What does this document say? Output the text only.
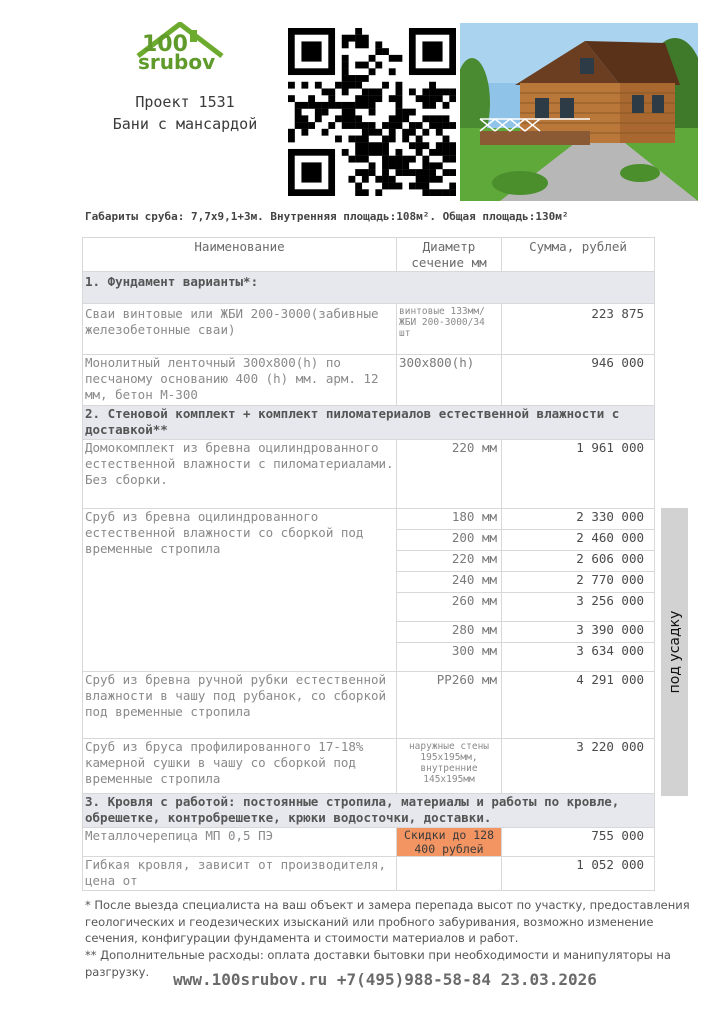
100
srubov
Проект 1531
Бани с мансардой
Габариты сруба: 7,7х9,1+3м. Внутренняя площадь:108м². Общая площадь:130м²
Наименование	Диаметр сечение мм	Сумма, рублей
1. Фундамент варианты*:		
Сваи винтовые или ЖБИ 200-3000(забивные железобетонные сваи)	винтовые 133мм/ЖБИ 200-3000/34 шт	223 875
Монолитный ленточный 300х800(h) по песчаному основанию 400 (h) мм. арм. 12 мм, бетон М-300	300х800(h)	946 000
2. Стеновой комплект + комплект пиломатериалов естественной влажности с доставкой**		
Домокомплект из бревна оцилиндрованного естественной влажности с пиломатериалами. Без сборки.	220 мм	1 961 000
Сруб из бревна оцилиндрованного естественной влажности со сборкой под временные стропила	180 мм	2 330 000
	200 мм	2 460 000
	220 мм	2 606 000
	240 мм	2 770 000
	260 мм	3 256 000
	280 мм	3 390 000
	300 мм	3 634 000
Сруб из бревна ручной рубки естественной влажности в чашу под рубанок, со сборкой под временные стропила	РР260 мм	4 291 000
Сруб из бруса профилированного 17-18% камерной сушки в чашу со сборкой под временные стропила	наружные стены 195х195мм, внутренние 145х195мм	3 220 000
3. Кровля с работой: постоянные стропила, материалы и работы по кровле, обрешетке, контробрешетке, крюки водосточки, доставки.		
Металлочерепица МП 0,5 ПЭ	Скидки до 128 400 рублей	755 000
Гибкая кровля, зависит от производителя, цена от		1 052 000
под усадку
* После выезда специалиста на ваш объект и замера перепада высот по участку, предоставления геологических и геодезических изысканий или пробного забуривания, возможно изменение сечения, конфигурации фундамента и стоимости материалов и работ.
** Дополнительные расходы: оплата доставки бытовки при необходимости и манипуляторы на разгрузку.	www.100srubov.ru +7(495)988-58-84 23.03.2026
